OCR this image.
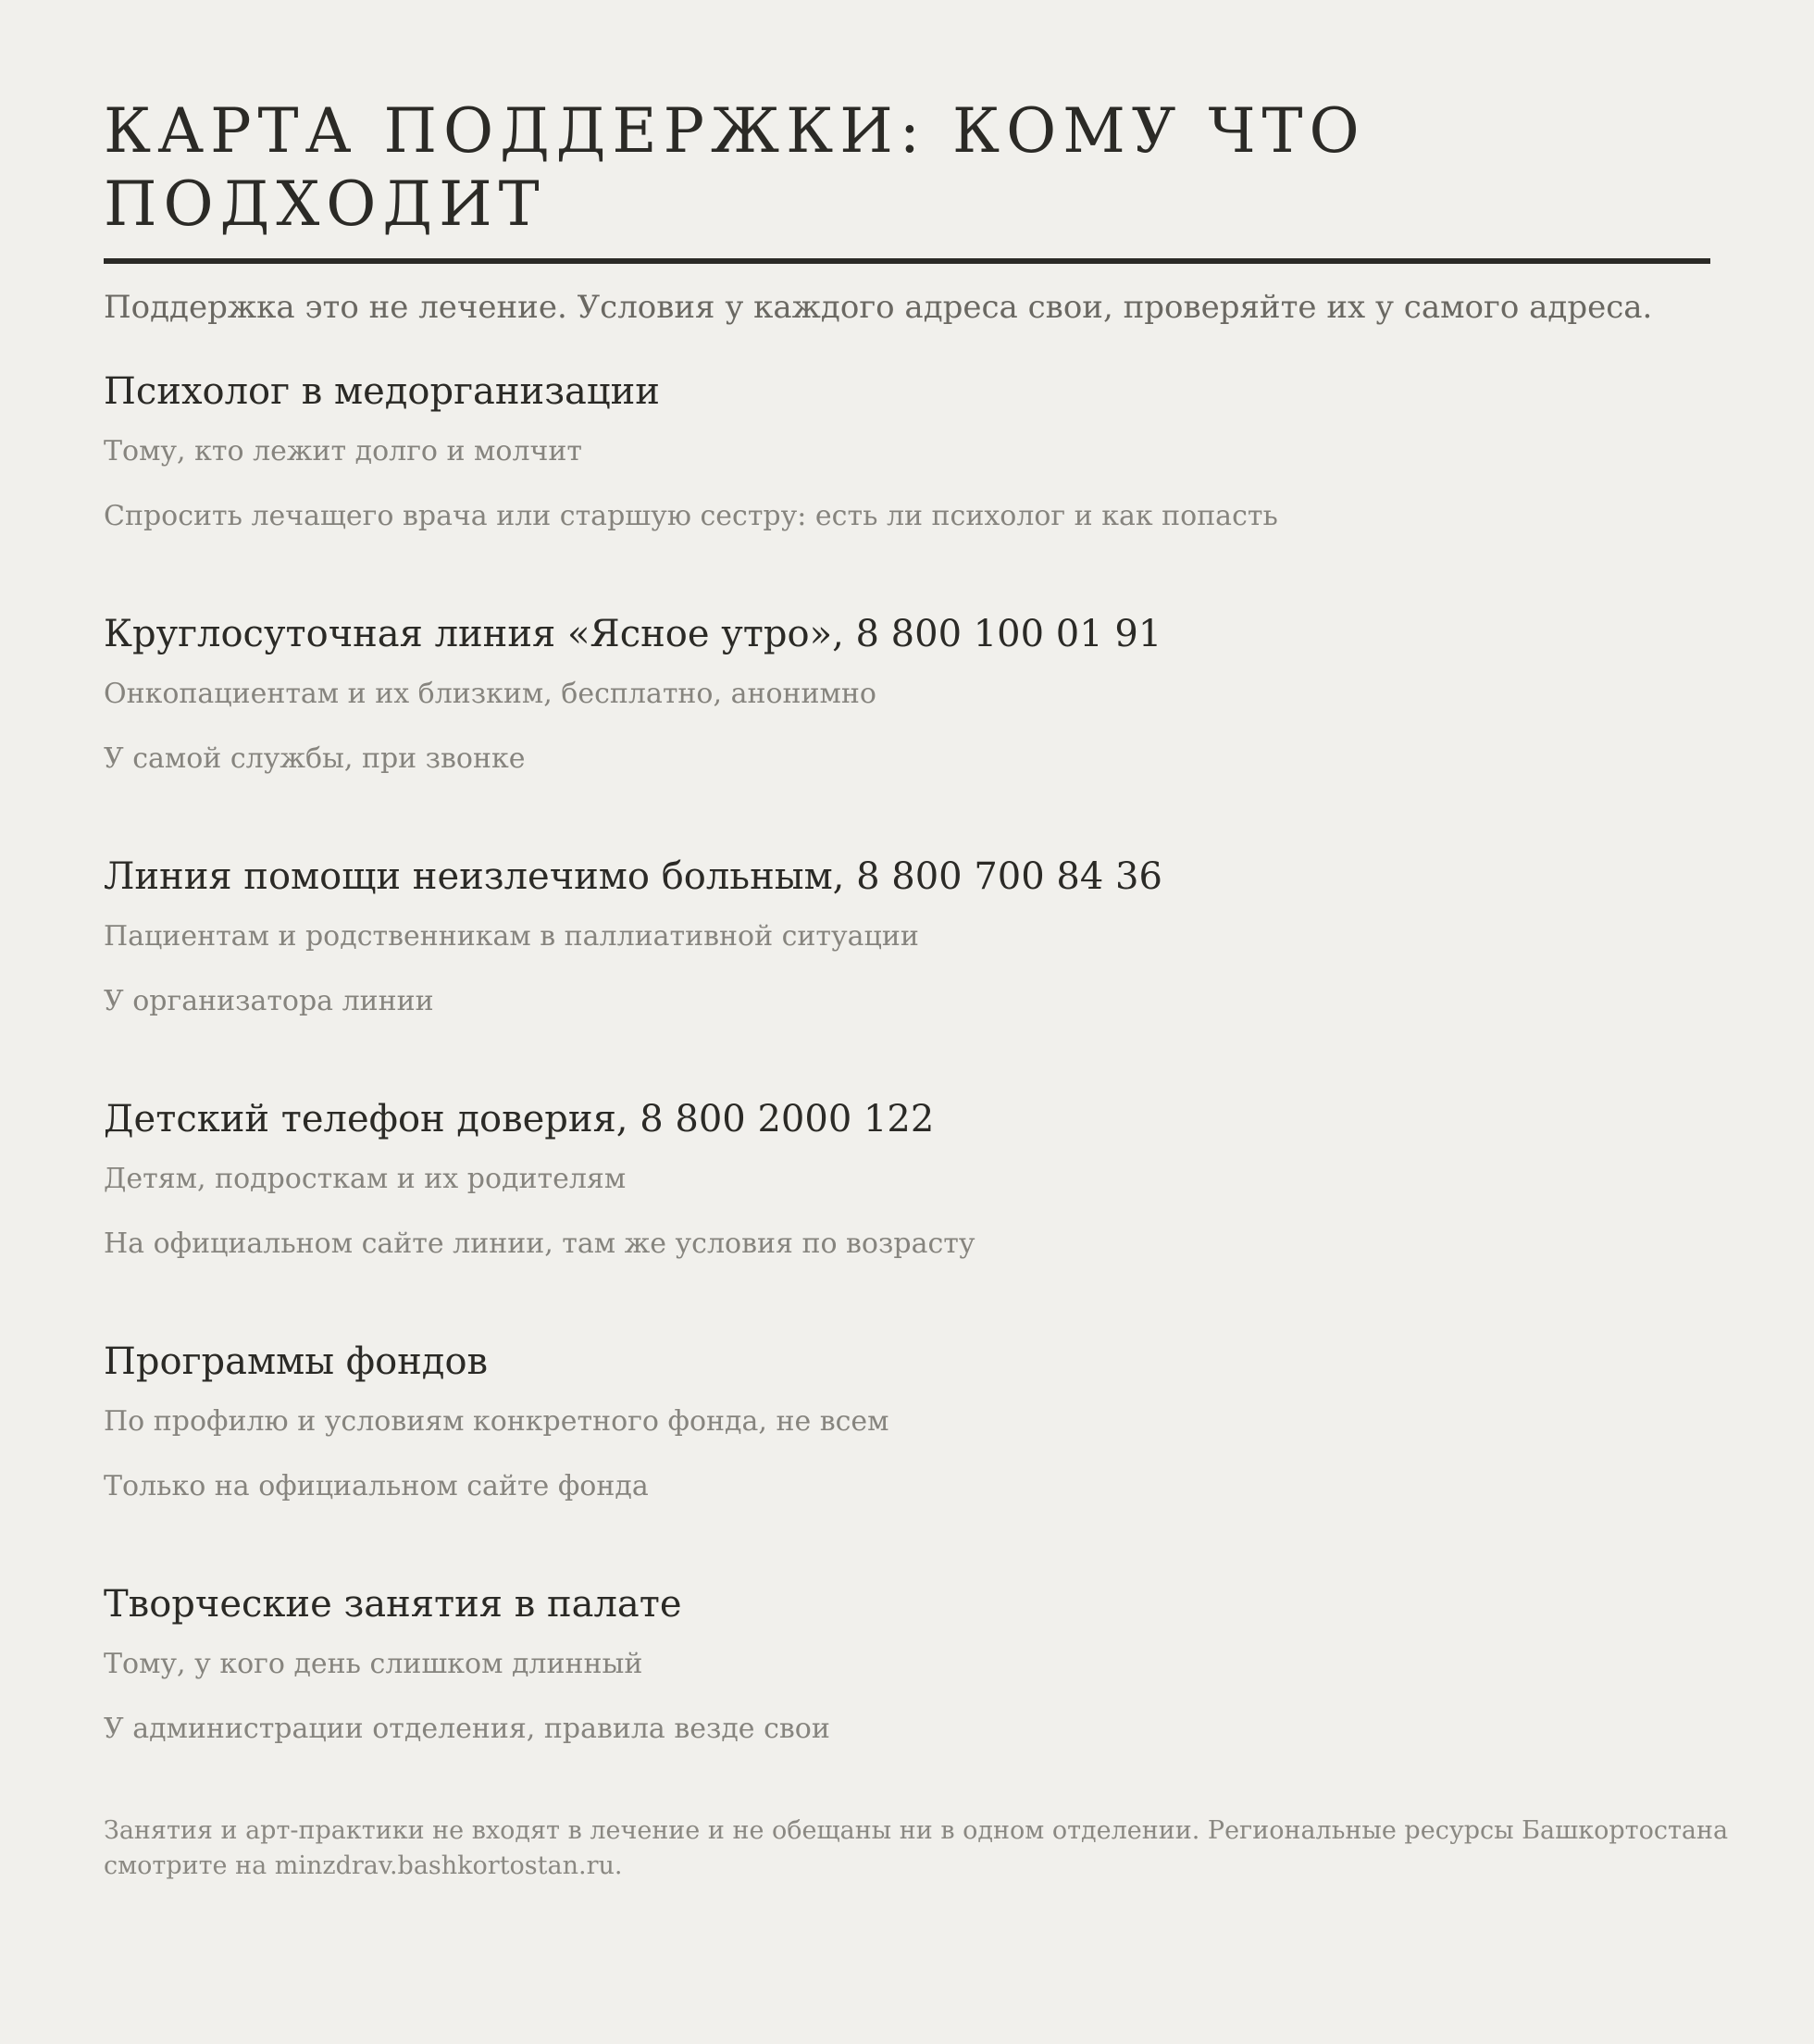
КАРТА ПОДДЕРЖКИ: КОМУ ЧТО ПОДХОДИТ

Поддержка это не лечение. Условия у каждого адреса свои, проверяйте их у самого адреса.

Психолог в медорганизации

Тому, кто лежит долго и молчит

Спросить лечащего врача или старшую сестру: есть ли психолог и как попасть

Круглосуточная линия «Ясное утро», 8 800 100 01 91

Онкопациентам и их близким, бесплатно, анонимно

У самой службы, при звонке

Линия помощи неизлечимо больным, 8 800 700 84 36

Пациентам и родственникам в паллиативной ситуации

У организатора линии

Детский телефон доверия, 8 800 2000 122

Детям, подросткам и их родителям

На официальном сайте линии, там же условия по возрасту

Программы фондов

По профилю и условиям конкретного фонда, не всем

Только на официальном сайте фонда

Творческие занятия в палате

Тому, у кого день слишком длинный

У администрации отделения, правила везде свои

Занятия и арт-практики не входят в лечение и не обещаны ни в одном отделении. Региональные ресурсы Башкортостана смотрите на minzdrav.bashkortostan.ru.
